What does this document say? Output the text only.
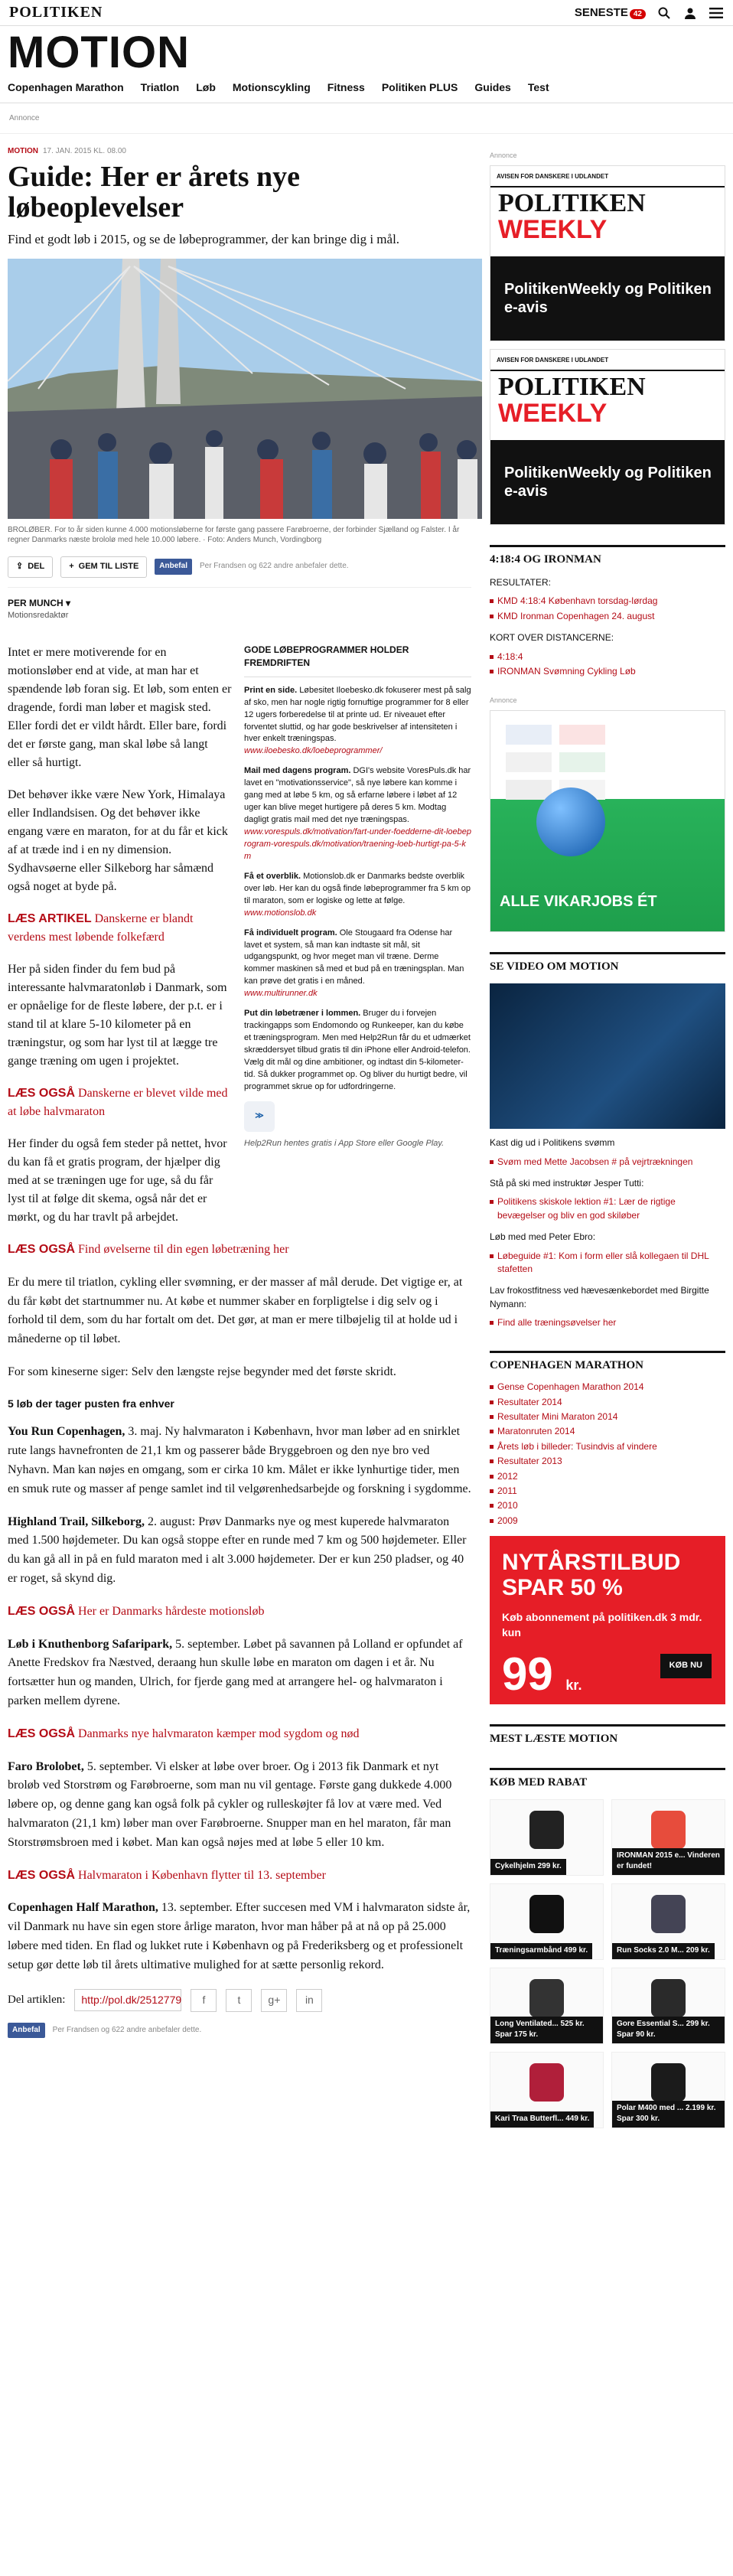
POLITIKEN	SENESTE 42
MOTION
Copenhagen Marathon Triatlon Løb Motionscykling Fitness Politiken PLUS Guides Test
Annonce
MOTION 17. JAN. 2015 KL. 08.00
Guide: Her er årets nye løbeoplevelser
Find et godt løb i 2015, og se de løbeprogrammer, der kan bringe dig i mål.
BROLØBER. For to år siden kunne 4.000 motionsløberne for første gang passere Farøbroerne, der forbinder Sjælland og Falster. I år regner Danmarks næste brololø med hele 10.000 løbere. · Foto: Anders Munch, Vordingborg
⇪ DEL	+ GEM TIL LISTE	Anbefal	Per Frandsen og 622 andre anbefaler dette.
PER MUNCH ▾
Motionsredaktør

Intet er mere motiverende for en motionsløber end at vide, at man har et spændende løb foran sig. Et løb, som enten er dragende, fordi man løber et magisk sted. Eller fordi det er vildt hårdt. Eller bare, fordi det er første gang, man skal løbe så langt eller så hurtigt.

Det behøver ikke være New York, Himalaya eller Indlandsisen. Og det behøver ikke engang være en maraton, for at du får et kick af at træde ind i en ny dimension. Sydhavsøerne eller Silkeborg har såmænd også noget at byde på.

LÆS ARTIKEL Danskerne er blandt verdens mest løbende folkefærd

Her på siden finder du fem bud på interessante halvmaratonløb i Danmark, som er opnåelige for de fleste løbere, der p.t. er i stand til at klare 5-10 kilometer på en træningstur, og som har lyst til at lægge tre gange træning om ugen i projektet.

LÆS OGSÅ Danskerne er blevet vilde med at løbe halvmaraton

Her finder du også fem steder på nettet, hvor du kan få et gratis program, der hjælper dig med at se træningen uge for uge, så du får lyst til at følge dit skema, også når det er mørkt, og du har travlt på arbejdet.

GODE LØBEPROGRAMMER HOLDER FREMDRIFTEN

Print en side. Løbesitet Iloebesko.dk fokuserer mest på salg af sko, men har nogle rigtig fornuftige programmer for 8 eller 12 ugers forberedelse til at printe ud. Er niveauet efter forventet sluttid, og har gode beskrivelser af intensiteten i hver enkelt træningspas.
www.iloebesko.dk/loebeprogrammer/

Mail med dagens program. DGI's website VoresPuls.dk har lavet en "motivationsservice", så nye løbere kan komme i gang med at løbe 5 km, og så erfarne løbere i løbet af 12 uger kan blive meget hurtigere på deres 5 km. Modtag dagligt gratis mail med det nye træningspas.
www.vorespuls.dk/motivation/fart-under-foedderne-dit-loebeprogram-vorespuls.dk/motivation/traening-loeb-hurtigt-pa-5-km

Få et overblik. Motionslob.dk er Danmarks bedste overblik over løb. Her kan du også finde løbeprogrammer fra 5 km op til maraton, som er logiske og lette at følge.
www.motionslob.dk

Få individuelt program. Ole Stougaard fra Odense har lavet et system, så man kan indtaste sit mål, sit udgangspunkt, og hvor meget man vil træne. Derme kommer maskinen så med et bud på en træningsplan. Man kan prøve det gratis i en måned.
www.multirunner.dk

Put din løbetræner i lommen. Bruger du i forvejen trackingapps som Endomondo og Runkeeper, kan du købe et træningsprogram. Men med Help2Run får du et udmærket skræddersyet tilbud gratis til din iPhone eller Android-telefon. Vælg dit mål og dine ambitioner, og indtast din 5-kilometer-tid. Så dukker programmet op. Og bliver du hurtigt bedre, vil programmet skrue op for udfordringerne.

≫

Help2Run hentes gratis i App Store eller Google Play.

LÆS OGSÅ Find øvelserne til din egen løbetræning her

Er du mere til triatlon, cykling eller svømning, er der masser af mål derude. Det vigtige er, at du får købt det startnummer nu. At købe et nummer skaber en forpligtelse i dig selv og i forhold til dem, som du har fortalt om det. Det gør, at man er mere tilbøjelig til at holde ud i månederne op til løbet.

For som kineserne siger: Selv den længste rejse begynder med det første skridt.

5 løb der tager pusten fra enhver

You Run Copenhagen, 3. maj. Ny halvmaraton i København, hvor man løber ad en snirklet rute langs havnefronten de 21,1 km og passerer både Bryggebroen og den nye bro ved Nyhavn. Man kan nøjes en omgang, som er cirka 10 km. Målet er ikke lynhurtige tider, men en smuk rute og masser af penge samlet ind til velgørenhedsarbejde og forskning i sygdomme.

Highland Trail, Silkeborg, 2. august: Prøv Danmarks nye og mest kuperede halvmaraton med 1.500 højdemeter. Du kan også stoppe efter en runde med 7 km og 500 højdemeter. Eller du kan gå all in på en fuld maraton med i alt 3.000 højdemeter. Der er kun 250 pladser, og 40 er roget, så skynd dig.

LÆS OGSÅ Her er Danmarks hårdeste motionsløb

Løb i Knuthenborg Safaripark, 5. september. Løbet på savannen på Lolland er opfundet af Anette Fredskov fra Næstved, deraang hun skulle løbe en maraton om dagen i et år. Nu fortsætter hun og manden, Ulrich, for fjerde gang med at arrangere hel- og halvmaraton i parken mellem dyrene.

LÆS OGSÅ Danmarks nye halvmaraton kæmper mod sygdom og nød

Faro Brolobet, 5. september. Vi elsker at løbe over broer. Og i 2013 fik Danmark et nyt broløb ved Storstrøm og Farøbroerne, som man nu vil gentage. Første gang dukkede 4.000 løbere op, og denne gang kan også folk på cykler og rulleskøjter få lov at være med. Ved halvmaraton (21,1 km) løber man over Farøbroerne. Snupper man en hel maraton, får man Storstrømsbroen med i købet. Man kan også nøjes med at løbe 5 eller 10 km.

LÆS OGSÅ Halvmaraton i København flytter til 13. september

Copenhagen Half Marathon, 13. september. Efter succesen med VM i halvmaraton sidste år, vil Danmark nu have sin egen store årlige maraton, hvor man håber på at nå op på 25.000 løbere med tiden. En flad og lukket rute i København og på Frederiksberg og et professionelt setup gør dette løb til årets ultimative mulighed for at sætte personlig rekord.

Del artiklen:	http://pol.dk/2512779	f	t	g+	in
Anbefal	Per Frandsen og 622 andre anbefaler dette.
Annonce
AVISEN FOR DANSKERE I UDLANDET
POLITIKEN
WEEKLY
PolitikenWeekly og Politiken e-avis
AVISEN FOR DANSKERE I UDLANDET
POLITIKEN
WEEKLY
PolitikenWeekly og Politiken e-avis
4:18:4 OG IRONMAN
RESULTATER:
KMD 4:18:4 København torsdag-lørdag
KMD Ironman Copenhagen 24. august
KORT OVER DISTANCERNE:
4:18:4
IRONMAN Svømning Cykling Løb
Annonce
ALLE VIKARJOBS ÉT
SE VIDEO OM MOTION
Kast dig ud i Politikens svømm
Svøm med Mette Jacobsen # på vejrtrækningen
Stå på ski med instruktør Jesper Tutti:
Politikens skiskole lektion #1: Lær de rigtige bevægelser og bliv en god skiløber
Løb med med Peter Ebro:
Løbeguide #1: Kom i form eller slå kollegaen til DHL stafetten
Lav frokostfitness ved hævesænkebordet med Birgitte Nymann:
Find alle træningsøvelser her
COPENHAGEN MARATHON
Gense Copenhagen Marathon 2014
Resultater 2014
Resultater Mini Maraton 2014
Maratonruten 2014
Årets løb i billeder: Tusindvis af vindere
Resultater 2013
2012
2011
2010
2009
NYTÅRSTILBUD SPAR 50 %
Køb abonnement på politiken.dk 3 mdr. kun
99 kr.
KØB NU
MEST LÆSTE MOTION
KØB MED RABAT
Cykelhjelm 299 kr.
IRONMAN 2015 e... Vinderen er fundet!
Træningsarmbånd 499 kr.	Run Socks 2.0 M... 209 kr.
Long Ventilated... 525 kr. Spar 175 kr.
Gore Essential S... 299 kr. Spar 90 kr.
Kari Traa Butterfl... 449 kr.
Polar M400 med ... 2.199 kr. Spar 300 kr.
